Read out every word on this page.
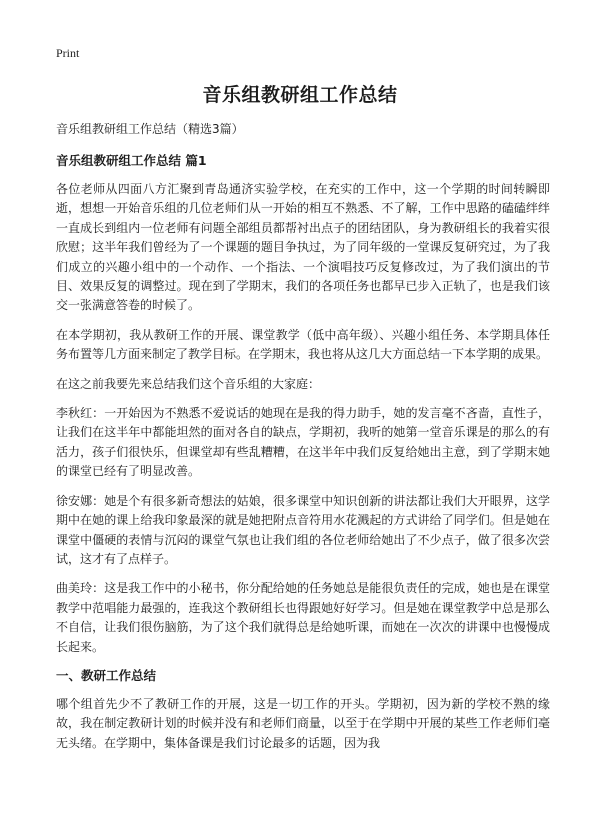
Print
音乐组教研组工作总结

音乐组教研组工作总结（精选3篇）

音乐组教研组工作总结 篇1

各位老师从四面八方汇聚到青岛通济实验学校，在充实的工作中，这一个学期的时间转瞬即逝，想想一开始音乐组的几位老师们从一开始的相互不熟悉、不了解，工作中思路的磕磕绊绊一直成长到组内一位老师有问题全部组员都帮衬出点子的团结团队，身为教研组长的我着实很欣慰；这半年我们曾经为了一个课题的题目争执过，为了同年级的一堂课反复研究过，为了我们成立的兴趣小组中的一个动作、一个指法、一个演唱技巧反复修改过，为了我们演出的节目、效果反复的调整过。现在到了学期末，我们的各项任务也都早已步入正轨了，也是我们该交一张满意答卷的时候了。

在本学期初，我从教研工作的开展、课堂教学（低中高年级）、兴趣小组任务、本学期具体任务布置等几方面来制定了教学目标。在学期末，我也将从这几大方面总结一下本学期的成果。

在这之前我要先来总结我们这个音乐组的大家庭：

李秋红：一开始因为不熟悉不爱说话的她现在是我的得力助手，她的发言毫不吝啬，直性子，让我们在这半年中都能坦然的面对各自的缺点，学期初，我听的她第一堂音乐课是的那么的有活力，孩子们很快乐，但课堂却有些乱糟糟，在这半年中我们反复给她出主意，到了学期末她的课堂已经有了明显改善。

徐安娜：她是个有很多新奇想法的姑娘，很多课堂中知识创新的讲法都让我们大开眼界，这学期中在她的课上给我印象最深的就是她把附点音符用水花溅起的方式讲给了同学们。但是她在课堂中僵硬的表情与沉闷的课堂气氛也让我们组的各位老师给她出了不少点子，做了很多次尝试，这才有了点样子。

曲美玲：这是我工作中的小秘书，你分配给她的任务她总是能很负责任的完成，她也是在课堂教学中范唱能力最强的，连我这个教研组长也得跟她好好学习。但是她在课堂教学中总是那么不自信，让我们很伤脑筋，为了这个我们就得总是给她听课，而她在一次次的讲课中也慢慢成长起来。

一、教研工作总结

哪个组首先少不了教研工作的开展，这是一切工作的开头。学期初，因为新的学校不熟的缘故，我在制定教研计划的时候并没有和老师们商量，以至于在学期中开展的某些工作老师们毫无头绪。在学期中，集体备课是我们讨论最多的话题，因为我
